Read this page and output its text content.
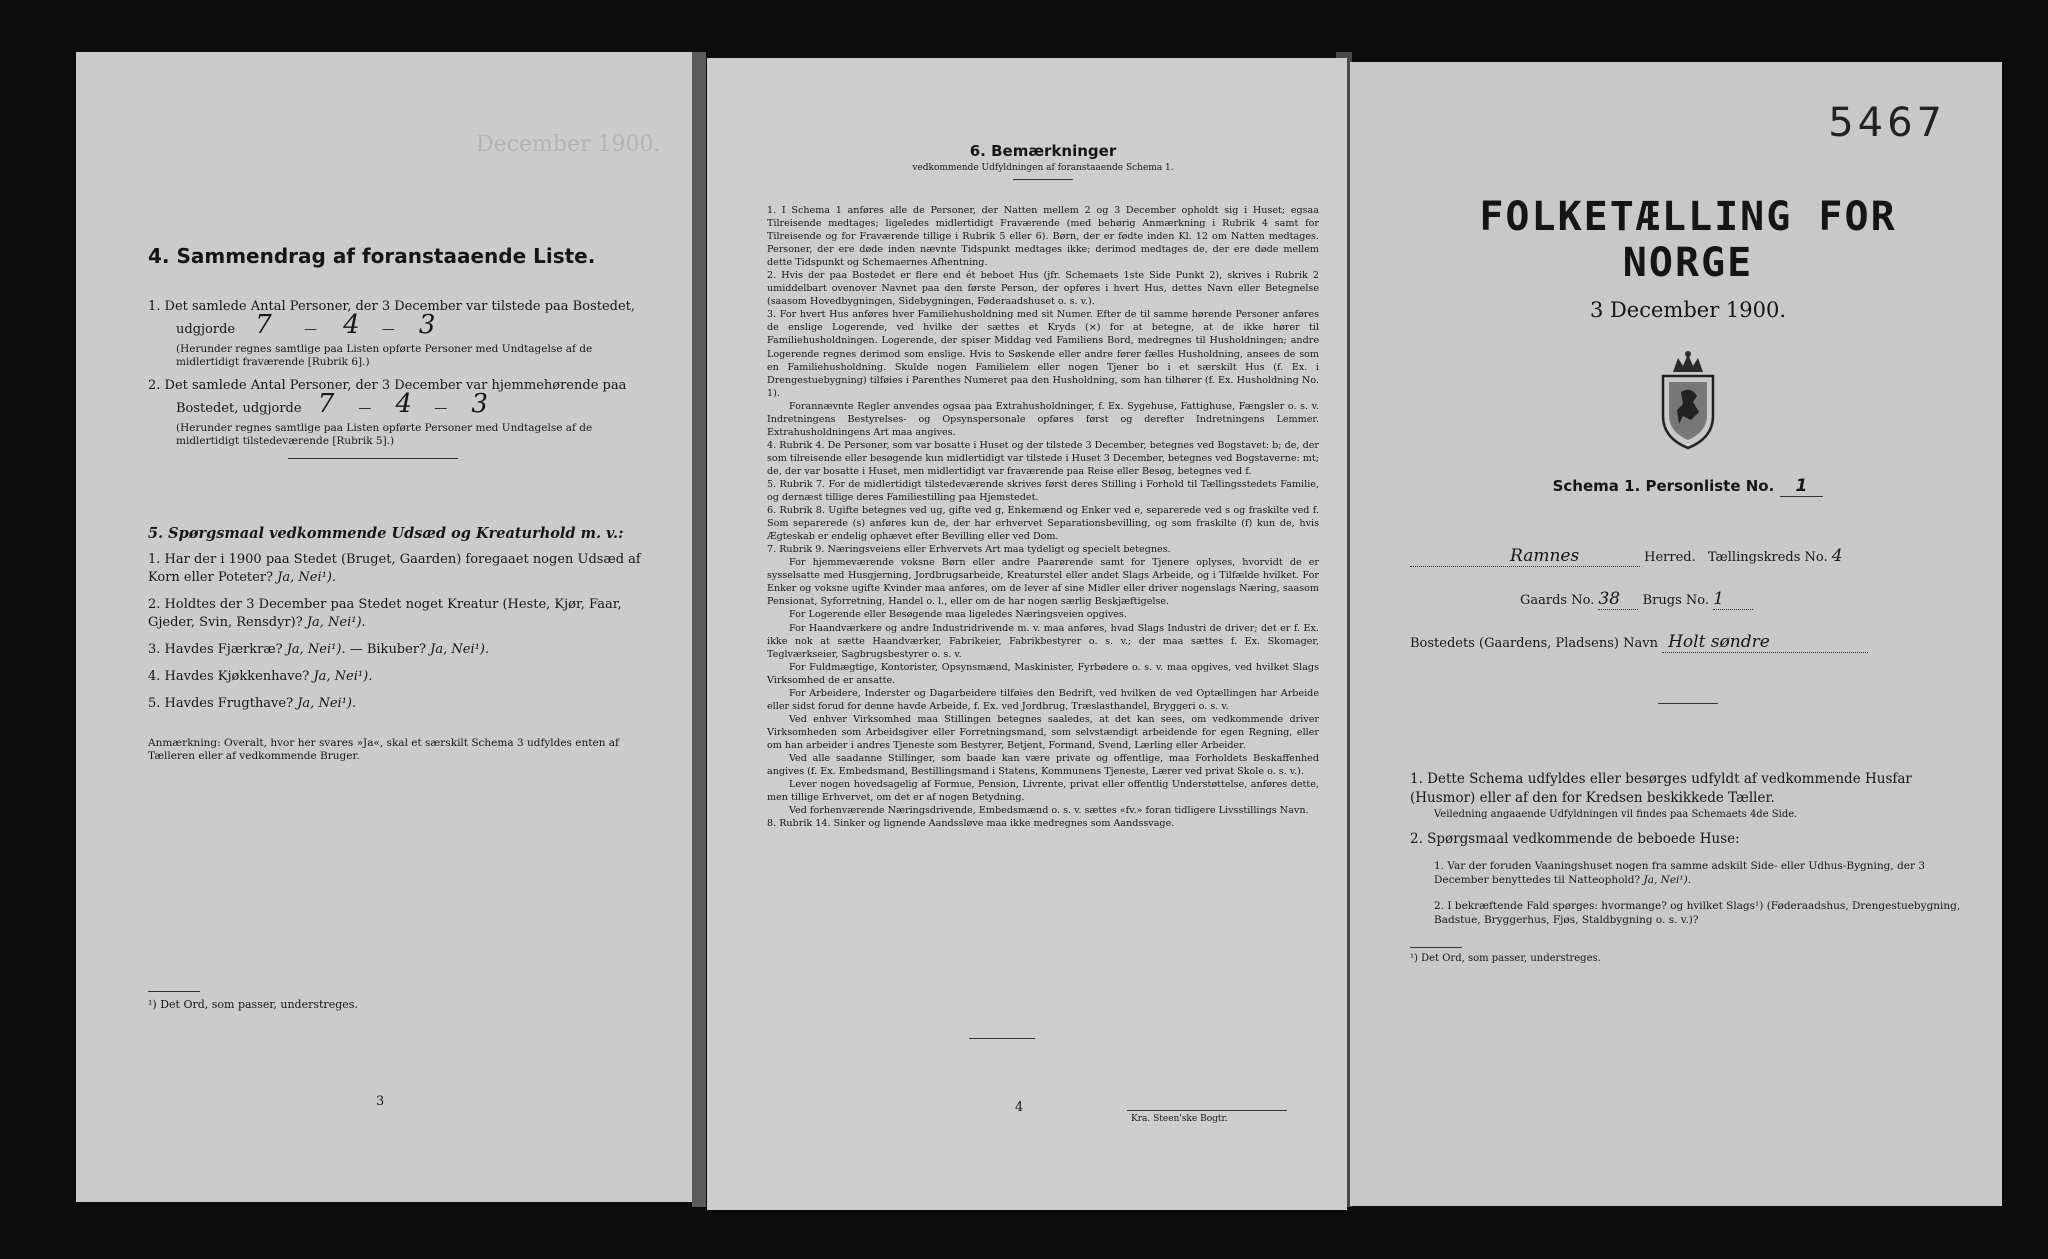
December 1900.
4. Sammendrag af foranstaaende Liste.
1. Det samlede Antal Personer, der 3 December var tilstede paa Bostedet,
udgjorde 7 — 4 — 3
(Herunder regnes samtlige paa Listen opførte Personer med Undtagelse af de midlertidigt fraværende [Rubrik 6].)
2. Det samlede Antal Personer, der 3 December var hjemmehørende paa
Bostedet, udgjorde 7 — 4 — 3
(Herunder regnes samtlige paa Listen opførte Personer med Undtagelse af de midlertidigt tilstedeværende [Rubrik 5].)
5. Spørgsmaal vedkommende Udsæd og Kreaturhold m. v.:
1. Har der i 1900 paa Stedet (Bruget, Gaarden) foregaaet nogen Udsæd af Korn eller Poteter? Ja, Nei¹).
2. Holdtes der 3 December paa Stedet noget Kreatur (Heste, Kjør, Faar, Gjeder, Svin, Rensdyr)? Ja, Nei¹).
3. Havdes Fjærkræ? Ja, Nei¹). — Bikuber? Ja, Nei¹).
4. Havdes Kjøkkenhave? Ja, Nei¹).
5. Havdes Frugthave? Ja, Nei¹).
Anmærkning: Overalt, hvor her svares »Ja«, skal et særskilt Schema 3 udfyldes enten af Tælleren eller af vedkommende Bruger.
¹) Det Ord, som passer, understreges.
3
6. Bemærkninger
vedkommende Udfyldningen af foranstaaende Schema 1.

1. I Schema 1 anføres alle de Personer, der Natten mellem 2 og 3 December opholdt sig i Huset; egsaa Tilreisende medtages; ligeledes midlertidigt Fraværende (med behørig Anmærkning i Rubrik 4 samt for Tilreisende og for Fraværende tillige i Rubrik 5 eller 6). Børn, der er fødte inden Kl. 12 om Natten medtages. Personer, der ere døde inden nævnte Tidspunkt medtages ikke; derimod medtages de, der ere døde mellem dette Tidspunkt og Schemaernes Afhentning.

2. Hvis der paa Bostedet er flere end ét beboet Hus (jfr. Schemaets 1ste Side Punkt 2), skrives i Rubrik 2 umiddelbart ovenover Navnet paa den første Person, der opføres i hvert Hus, dettes Navn eller Betegnelse (saasom Hovedbygningen, Sidebygningen, Føderaadshuset o. s. v.).

3. For hvert Hus anføres hver Familiehusholdning med sit Numer. Efter de til samme hørende Personer anføres de enslige Logerende, ved hvilke der sættes et Kryds (×) for at betegne, at de ikke hører til Familiehusholdningen. Logerende, der spiser Middag ved Familiens Bord, medregnes til Husholdningen; andre Logerende regnes derimod som enslige. Hvis to Søskende eller andre fører fælles Husholdning, ansees de som en Familiehusholdning. Skulde nogen Familielem eller nogen Tjener bo i et særskilt Hus (f. Ex. i Drengestuebygning) tilføies i Parenthes Numeret paa den Husholdning, som han tilhører (f. Ex. Husholdning No. 1).

Forannævnte Regler anvendes ogsaa paa Extrahusholdninger, f. Ex. Sygehuse, Fattighuse, Fængsler o. s. v. Indretningens Bestyrelses- og Opsynspersonale opføres først og derefter Indretningens Lemmer. Extrahusholdningens Art maa angives.

4. Rubrik 4. De Personer, som var bosatte i Huset og der tilstede 3 December, betegnes ved Bogstavet: b; de, der som tilreisende eller besøgende kun midlertidigt var tilstede i Huset 3 December, betegnes ved Bogstaverne: mt; de, der var bosatte i Huset, men midlertidigt var fraværende paa Reise eller Besøg, betegnes ved f.

5. Rubrik 7. For de midlertidigt tilstedeværende skrives først deres Stilling i Forhold til Tællingsstedets Familie, og dernæst tillige deres Familiestilling paa Hjemstedet.

6. Rubrik 8. Ugifte betegnes ved ug, gifte ved g, Enkemænd og Enker ved e, separerede ved s og fraskilte ved f. Som separerede (s) anføres kun de, der har erhvervet Separationsbevilling, og som fraskilte (f) kun de, hvis Ægteskab er endelig ophævet efter Bevilling eller ved Dom.

7. Rubrik 9. Næringsveiens eller Erhvervets Art maa tydeligt og specielt betegnes.

For hjemmeværende voksne Børn eller andre Paarørende samt for Tjenere oplyses, hvorvidt de er sysselsatte med Husgjerning, Jordbrugsarbeide, Kreaturstel eller andet Slags Arbeide, og i Tilfælde hvilket. For Enker og voksne ugifte Kvinder maa anføres, om de lever af sine Midler eller driver nogenslags Næring, saasom Pensionat, Syforretning, Handel o. l., eller om de har nogen særlig Beskjæftigelse.

For Logerende eller Besøgende maa ligeledes Næringsveien opgives.

For Haandværkere og andre Industridrivende m. v. maa anføres, hvad Slags Industri de driver; det er f. Ex. ikke nok at sætte Haandværker, Fabrikeier, Fabrikbestyrer o. s. v.; der maa sættes f. Ex. Skomager, Teglværkseier, Sagbrugsbestyrer o. s. v.

For Fuldmægtige, Kontorister, Opsynsmænd, Maskinister, Fyrbødere o. s. v. maa opgives, ved hvilket Slags Virksomhed de er ansatte.

For Arbeidere, Inderster og Dagarbeidere tilføies den Bedrift, ved hvilken de ved Optællingen har Arbeide eller sidst forud for denne havde Arbeide, f. Ex. ved Jordbrug, Træslasthandel, Bryggeri o. s. v.

Ved enhver Virksomhed maa Stillingen betegnes saaledes, at det kan sees, om vedkommende driver Virksomheden som Arbeidsgiver eller Forretningsmand, som selvstændigt arbeidende for egen Regning, eller om han arbeider i andres Tjeneste som Bestyrer, Betjent, Formand, Svend, Lærling eller Arbeider.

Ved alle saadanne Stillinger, som baade kan være private og offentlige, maa Forholdets Beskaffenhed angives (f. Ex. Embedsmand, Bestillingsmand i Statens, Kommunens Tjeneste, Lærer ved privat Skole o. s. v.).

Lever nogen hovedsagelig af Formue, Pension, Livrente, privat eller offentlig Understøttelse, anføres dette, men tillige Erhvervet, om det er af nogen Betydning.

Ved forhenværende Næringsdrivende, Embedsmænd o. s. v. sættes «fv.» foran tidligere Livsstillings Navn.

8. Rubrik 14. Sinker og lignende Aandssløve maa ikke medregnes som Aandssvage.

4
Kra. Steen'ske Bogtr.
5467
FOLKETÆLLING FOR NORGE
3 December 1900.
Schema 1. Personliste No. 1
Ramnes	Herred. Tællingskreds No. 4
Gaards No. 38 Brugs No. 1
Bostedets (Gaardens, Pladsens) Navn Holt søndre
1. Dette Schema udfyldes eller besørges udfyldt af vedkommende Husfar (Husmor) eller af den for Kredsen beskikkede Tæller.
Veiledning angaaende Udfyldningen vil findes paa Schemaets 4de Side.
2. Spørgsmaal vedkommende de beboede Huse:
1. Var der foruden Vaaningshuset nogen fra samme adskilt Side- eller Udhus-Bygning, der 3 December benyttedes til Natteophold? Ja, Nei¹).
2. I bekræftende Fald spørges: hvormange? og hvilket Slags¹) (Føderaadshus, Drengestuebygning, Badstue, Bryggerhus, Fjøs, Staldbygning o. s. v.)?
¹) Det Ord, som passer, understreges.
